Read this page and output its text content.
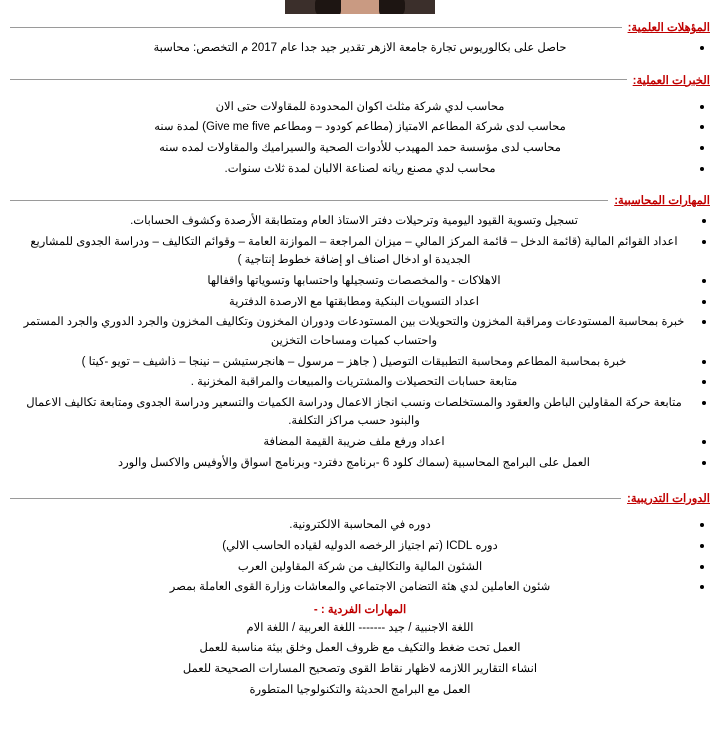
المؤهلات العلمية:
حاصل على بكالوريوس تجارة جامعة الازهر تقدير جيد جدا عام 2017 م التخصص: محاسبة
الخبرات العملية:
محاسب لدي شركة مثلث اكوان المحدودة للمقاولات حتى الان
محاسب لدى شركة المطاعم الامتياز (مطاعم كودود – ومطاعم Give me five) لمدة سنه
محاسب لدى مؤسسة حمد المهيدب للأدوات الصحية والسيراميك والمقاولات لمده سنه
محاسب لدي مصنع ريانه لصناعة الالبان لمدة ثلاث سنوات.
المهارات المحاسبية:
تسجيل وتسوية القيود اليومية وترحيلات دفتر الاستاذ العام ومتطابقة الأرصدة وكشوف الحسابات.
اعداد القوائم المالية (قائمة الدخل – قائمة المركز المالي – ميزان المراجعة – الموازنة العامة – وقوائم التكاليف – ودراسة الجدوى للمشاريع الجديدة او ادخال اصناف او إضافة خطوط إنتاجية )
الاهلاكات - والمخصصات وتسجيلها واحتسابها وتسوياتها واقفالها
اعداد التسويات البنكية ومطابقتها مع الارصدة الدفترية
خبرة بمحاسبة المستودعات ومراقبة المخزون والتحويلات بين المستودعات ودوران المخزون وتكاليف المخزون والجرد الدوري والجرد المستمر واحتساب كميات ومساحات التخزين
خبرة بمحاسبة المطاعم ومحاسبة التطبيقات التوصيل ( جاهز – مرسول – هانجرستيشن – نينجا – ذاشيف – تويو -كيتا )
متابعة حسابات التحصيلات والمشتريات والمبيعات والمراقبة المخزنية .
متابعة حركة المقاولين الباطن والعقود والمستخلصات ونسب انجاز الاعمال ودراسة الكميات والتسعير ودراسة الجدوى ومتابعة تكاليف الاعمال والبنود حسب مراكز التكلفة.
اعداد ورفع ملف ضريبة القيمة المضافة
العمل على البرامج المحاسبية (سماك كلود 6 -برنامج دفترد- وبرنامج اسواق والأوفيس والاكسل والورد
الدورات التدريبية:
دوره في المحاسبة الالكترونية.
دوره ICDL (تم اجتياز الرخصه الدوليه لقياده الحاسب الالي)
الشئون المالية والتكاليف من شركة المقاولين العرب
شئون العاملين لدي هئة التضامن الاجتماعي والمعاشات وزارة القوى العاملة بمصر
المهارات الفردية : -
اللغة الاجنبية / جيد ------- اللغة العربية / اللغة الام
العمل تحت ضغط والتكيف مع ظروف العمل وخلق بيئة مناسبة للعمل
انشاء التقارير اللازمه لاظهار نقاط القوى وتصحيح المسارات الصحيحة للعمل
العمل مع البرامج الحديثة والتكنولوجيا المتطورة
